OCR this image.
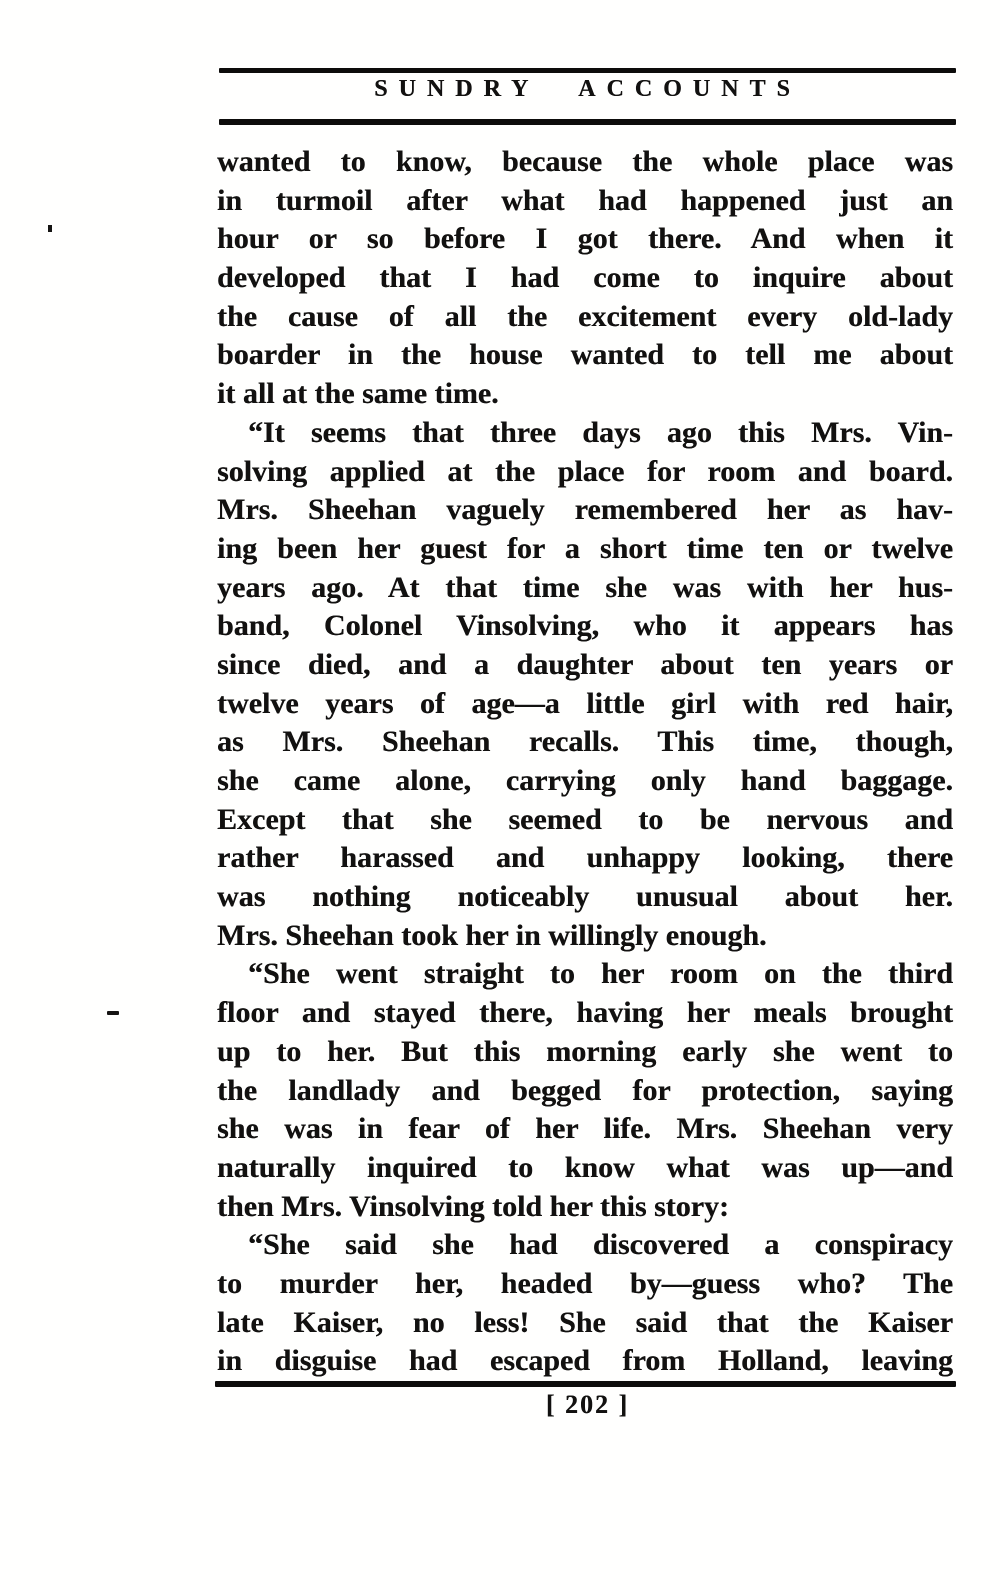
SUNDRY ACCOUNTS
wanted to know, because the whole place was
in turmoil after what had happened just an
hour or so before I got there. And when it
developed that I had come to inquire about
the cause of all the excitement every old-lady
boarder in the house wanted to tell me about
it all at the same time.
“It seems that three days ago this Mrs. Vin-
solving applied at the place for room and board.
Mrs. Sheehan vaguely remembered her as hav-
ing been her guest for a short time ten or twelve
years ago. At that time she was with her hus-
band, Colonel Vinsolving, who it appears has
since died, and a daughter about ten years or
twelve years of age—a little girl with red hair,
as Mrs. Sheehan recalls. This time, though,
she came alone, carrying only hand baggage.
Except that she seemed to be nervous and
rather harassed and unhappy looking, there
was nothing noticeably unusual about her.
Mrs. Sheehan took her in willingly enough.
“She went straight to her room on the third
floor and stayed there, having her meals brought
up to her. But this morning early she went to
the landlady and begged for protection, saying
she was in fear of her life. Mrs. Sheehan very
naturally inquired to know what was up—and
then Mrs. Vinsolving told her this story:
“She said she had discovered a conspiracy
to murder her, headed by—guess who? The
late Kaiser, no less! She said that the Kaiser
in disguise had escaped from Holland, leaving
[ 202 ]
